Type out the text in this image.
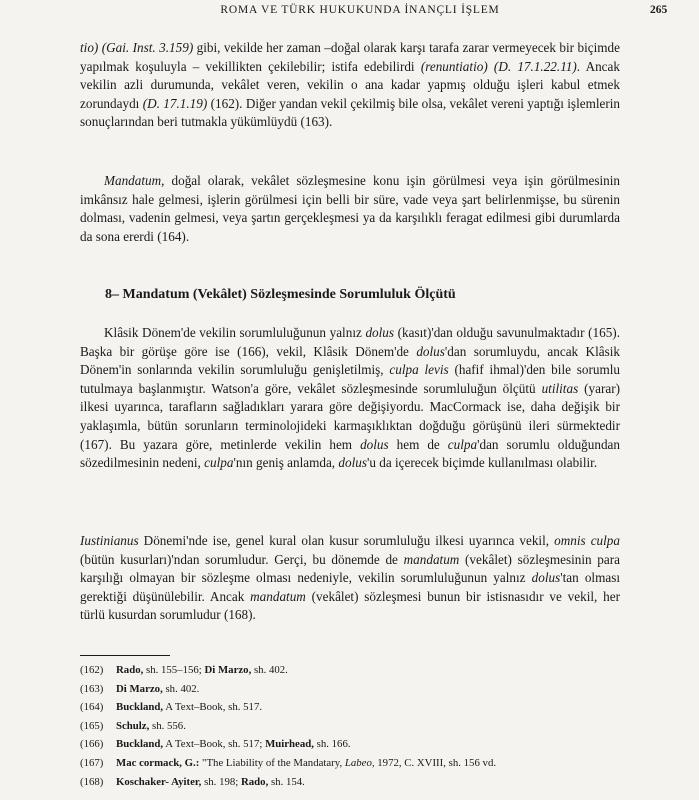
ROMA VE TÜRK HUKUKUNDA İNANÇLI İŞLEM	265

tio) (Gai. Inst. 3.159) gibi, vekilde her zaman –doğal olarak karşı tarafa zarar vermeyecek bir biçimde yapılmak koşuluyla – vekillikten çekilebilir; istifa edebilirdi (renuntiatio) (D. 17.1.22.11). Ancak vekilin azli durumunda, vekâlet veren, vekilin o ana kadar yapmış olduğu işleri kabul etmek zorundaydı (D. 17.1.19) (162). Diğer yandan vekil çekilmiş bile olsa, vekâlet vereni yaptığı işlemlerin sonuçlarından beri tutmakla yükümlüydü (163).

Mandatum, doğal olarak, vekâlet sözleşmesine konu işin görülmesi veya işin görülmesinin imkânsız hale gelmesi, işlerin görülmesi için belli bir süre, vade veya şart belirlenmişse, bu sürenin dolması, vadenin gelmesi, veya şartın gerçekleşmesi ya da karşılıklı feragat edilmesi gibi durumlarda da sona ererdi (164).

8– Mandatum (Vekâlet) Sözleşmesinde Sorumluluk Ölçütü

Klâsik Dönem'de vekilin sorumluluğunun yalnız dolus (kasıt)'dan olduğu savunulmaktadır (165). Başka bir görüşe göre ise (166), vekil, Klâsik Dönem'de dolus'dan sorumluydu, ancak Klâsik Dönem'in sonlarında vekilin sorumluluğu genişletilmiş, culpa levis (hafif ihmal)'den bile sorumlu tutulmaya başlanmıştır. Watson'a göre, vekâlet sözleşmesinde sorumluluğun ölçütü utilitas (yarar) ilkesi uyarınca, tarafların sağladıkları yarara göre değişiyordu. MacCormack ise, daha değişik bir yaklaşımla, bütün sorunların terminolojideki karmaşıklıktan doğduğu görüşünü ileri sürmektedir (167). Bu yazara göre, metinlerde vekilin hem dolus hem de culpa'dan sorumlu olduğundan sözedilmesinin nedeni, culpa'nın geniş anlamda, dolus'u da içerecek biçimde kullanılması olabilir.

Iustinianus Dönemi'nde ise, genel kural olan kusur sorumluluğu ilkesi uyarınca vekil, omnis culpa (bütün kusurları)'ndan sorumludur. Gerçi, bu dönemde de mandatum (vekâlet) sözleşmesinin para karşılığı olmayan bir sözleşme olması nedeniyle, vekilin sorumluluğunun yalnız dolus'tan olması gerektiği düşünülebilir. Ancak mandatum (vekâlet) sözleşmesi bunun bir istisnasıdır ve vekil, her türlü kusurdan sorumludur (168).

(162) Rado, sh. 155–156; Di Marzo, sh. 402.
(163) Di Marzo, sh. 402.
(164) Buckland, A Text–Book, sh. 517.
(165) Schulz, sh. 556.
(166) Buckland, A Text–Book, sh. 517; Muirhead, sh. 166.
(167) Mac cormack, G.: "The Liability of the Mandatary, Labeo, 1972, C. XVIII, sh. 156 vd.
(168) Koschaker- Ayiter, sh. 198; Rado, sh. 154.
